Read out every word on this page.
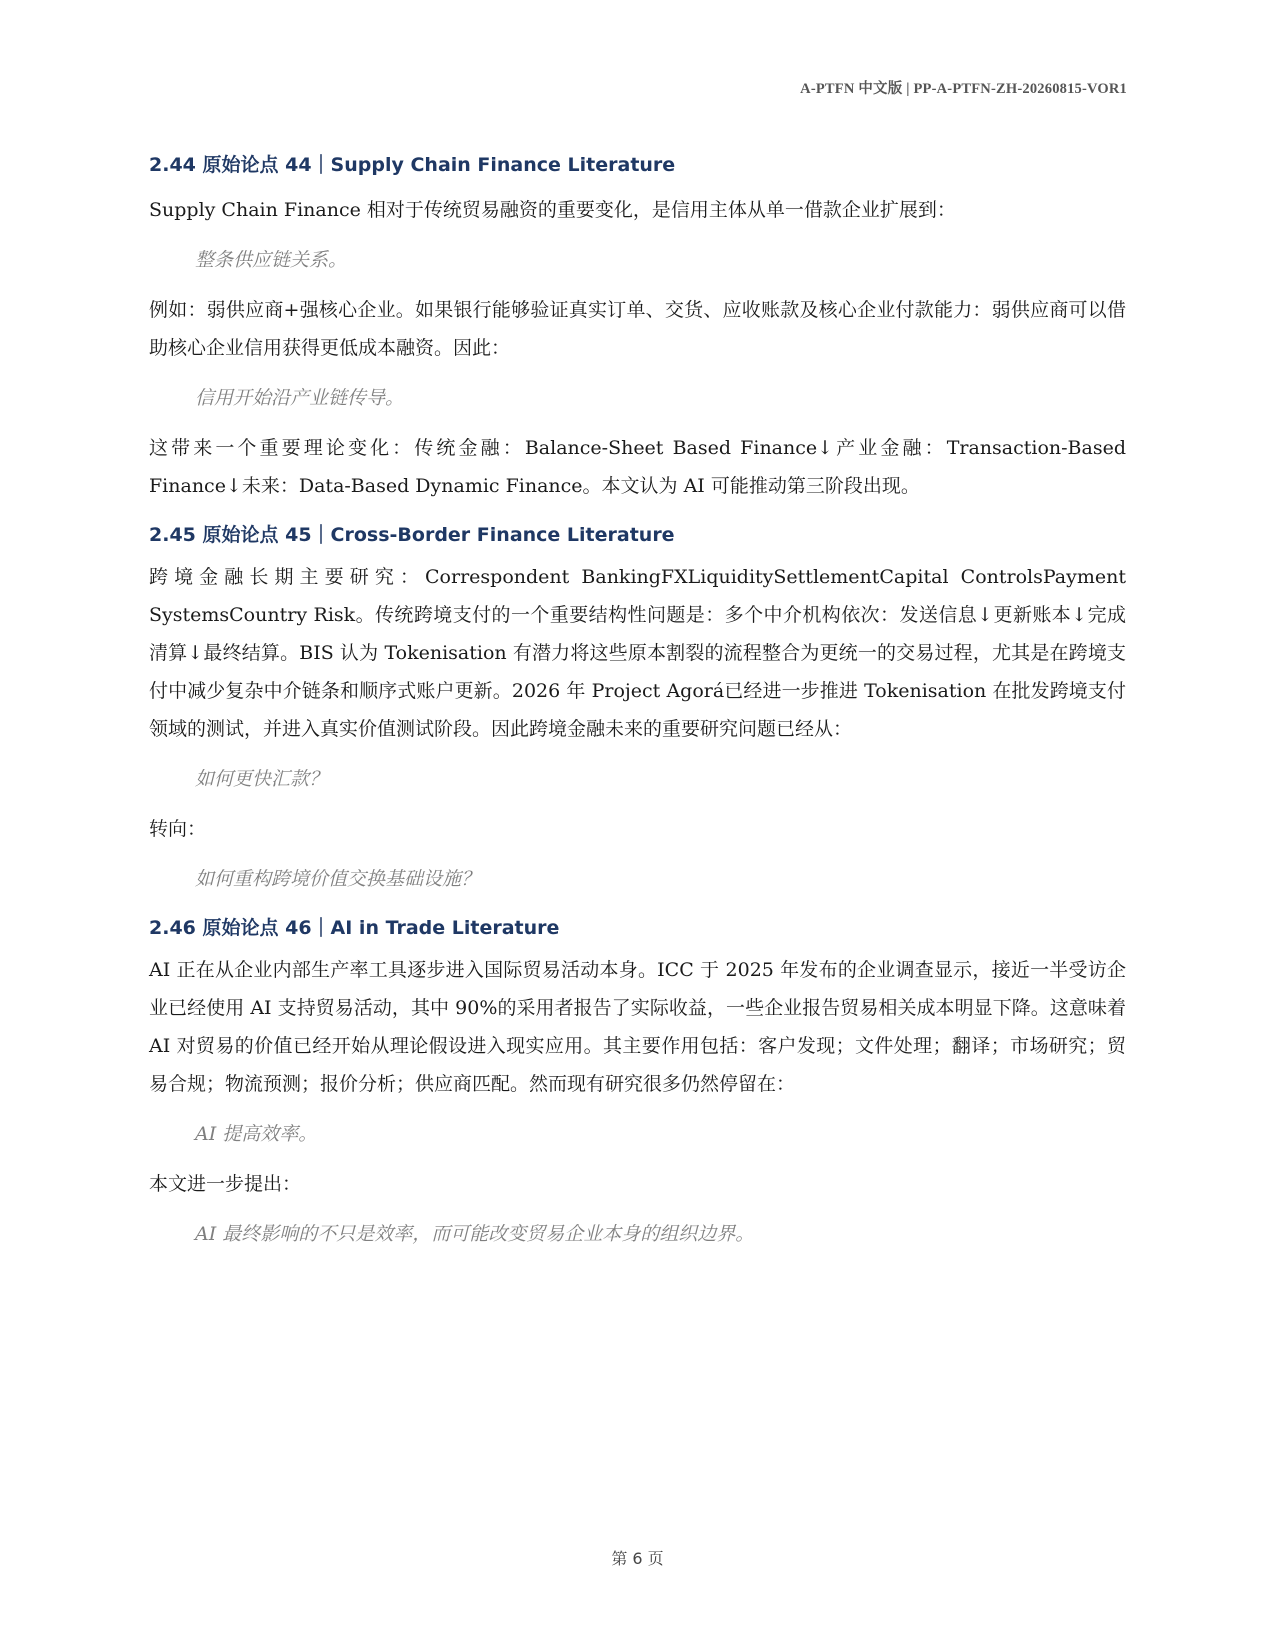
A-PTFN 中文版 | PP-A-PTFN-ZH-20260815-VOR1
2.44 原始论点 44｜Supply Chain Finance Literature

Supply Chain Finance 相对于传统贸易融资的重要变化，是信用主体从单一借款企业扩展到：

整条供应链关系。

例如：弱供应商+强核心企业。如果银行能够验证真实订单、交货、应收账款及核心企业付款能力：弱供应商可以借助核心企业信用获得更低成本融资。因此：

信用开始沿产业链传导。

这带来一个重要理论变化：传统金融：Balance-Sheet Based Finance↓产业金融：Transaction-Based Finance↓未来：Data-Based Dynamic Finance。本文认为 AI 可能推动第三阶段出现。

2.45 原始论点 45｜Cross-Border Finance Literature

跨境金融长期主要研究：Correspondent BankingFXLiquiditySettlementCapital ControlsPayment SystemsCountry Risk。传统跨境支付的一个重要结构性问题是：多个中介机构依次：发送信息↓更新账本↓完成清算↓最终结算。BIS 认为 Tokenisation 有潜力将这些原本割裂的流程整合为更统一的交易过程，尤其是在跨境支付中减少复杂中介链条和顺序式账户更新。2026 年 Project Agorá已经进一步推进 Tokenisation 在批发跨境支付领域的测试，并进入真实价值测试阶段。因此跨境金融未来的重要研究问题已经从：

如何更快汇款？

转向：

如何重构跨境价值交换基础设施？
2.46 原始论点 46｜AI in Trade Literature

AI 正在从企业内部生产率工具逐步进入国际贸易活动本身。ICC 于 2025 年发布的企业调查显示，接近一半受访企业已经使用 AI 支持贸易活动，其中 90%的采用者报告了实际收益，一些企业报告贸易相关成本明显下降。这意味着 AI 对贸易的价值已经开始从理论假设进入现实应用。其主要作用包括：客户发现；文件处理；翻译；市场研究；贸易合规；物流预测；报价分析；供应商匹配。然而现有研究很多仍然停留在：

AI 提高效率。

本文进一步提出：

AI 最终影响的不只是效率，而可能改变贸易企业本身的组织边界。
第 6 页
